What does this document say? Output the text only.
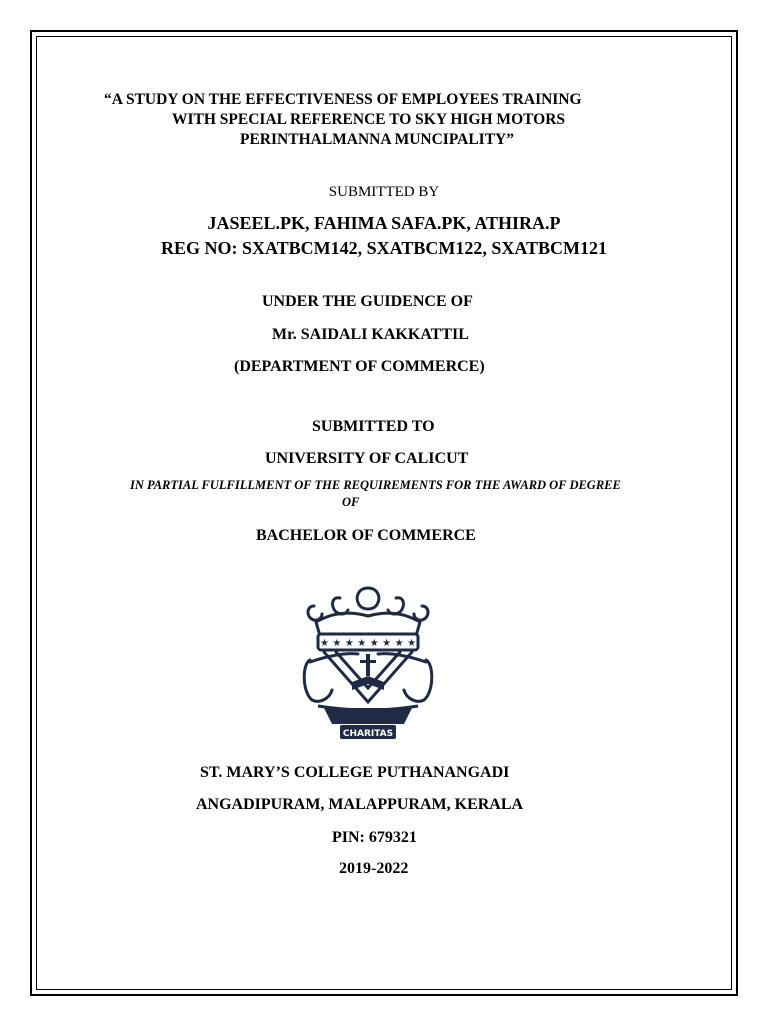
“A STUDY ON THE EFFECTIVENESS OF EMPLOYEES TRAINING
WITH SPECIAL REFERENCE TO SKY HIGH MOTORS
PERINTHALMANNA MUNCIPALITY”
SUBMITTED BY
JASEEL.PK, FAHIMA SAFA.PK, ATHIRA.P
REG NO: SXATBCM142, SXATBCM122, SXATBCM121
UNDER THE GUIDENCE OF
Mr. SAIDALI KAKKATTIL
(DEPARTMENT OF COMMERCE)
SUBMITTED TO
UNIVERSITY OF CALICUT
IN PARTIAL FULFILLMENT OF THE REQUIREMENTS FOR THE AWARD OF DEGREE
OF
BACHELOR OF COMMERCE
★ ★ ★ ★ ★ ★ ★ ★
CHARITAS
ST. MARY’S COLLEGE PUTHANANGADI
ANGADIPURAM, MALAPPURAM, KERALA
PIN: 679321
2019-2022
